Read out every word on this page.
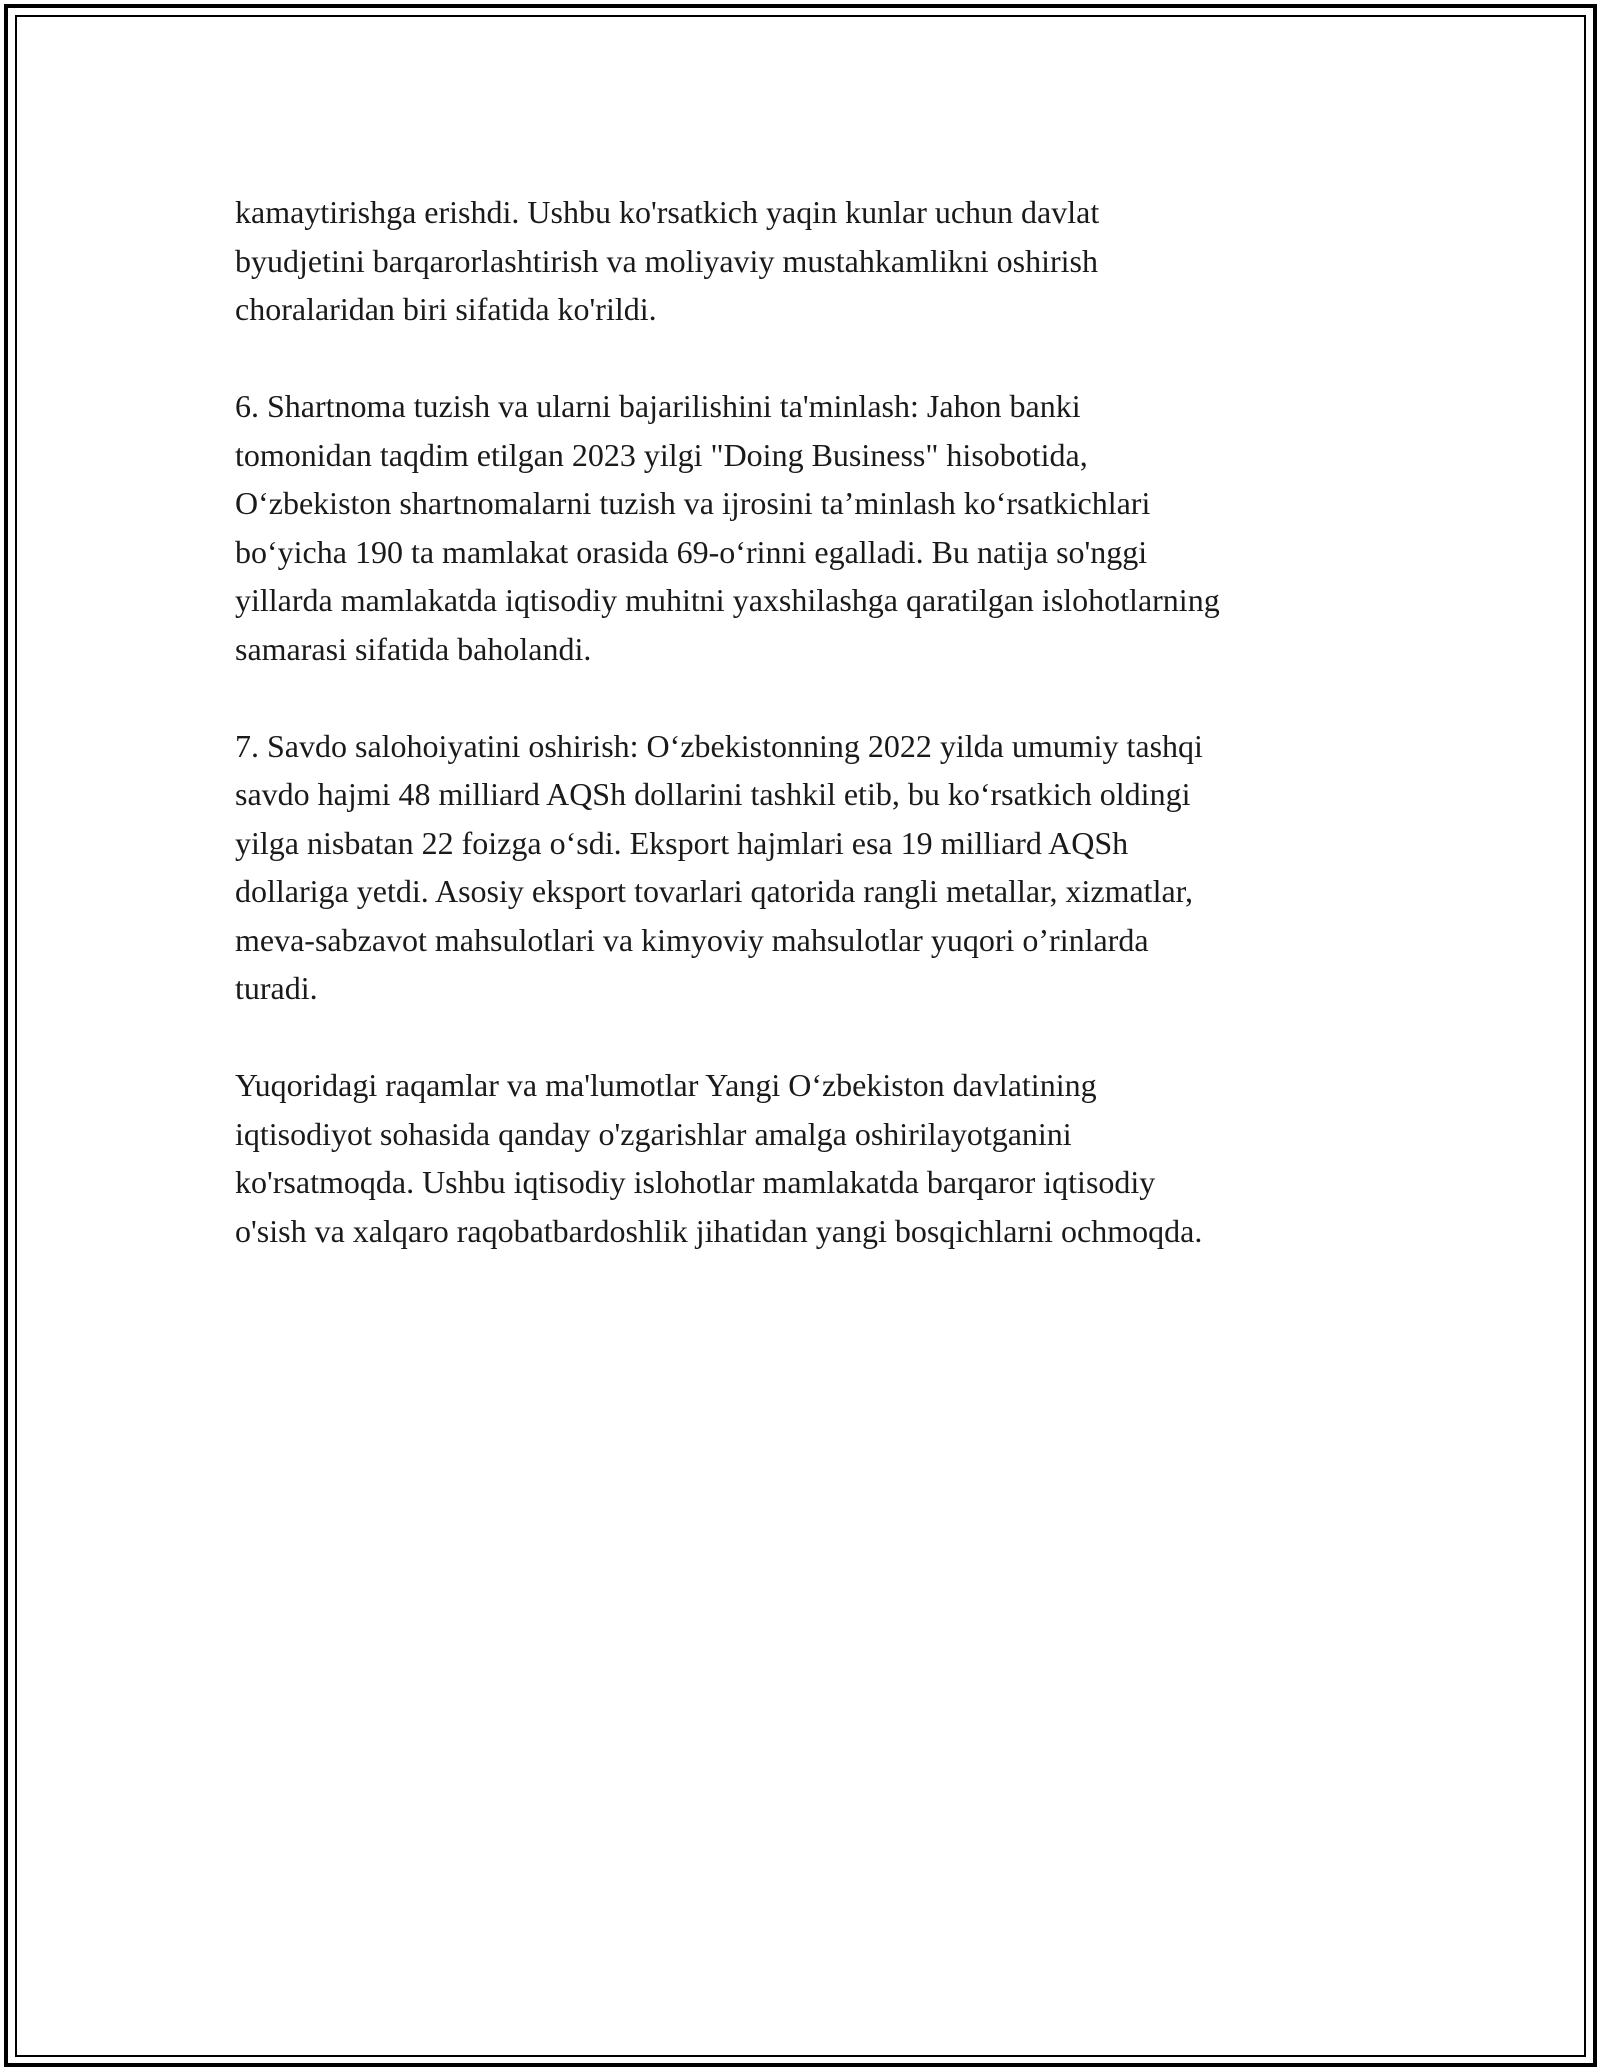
kamaytirishga erishdi. Ushbu ko'rsatkich yaqin kunlar uchun davlat
byudjetini barqarorlashtirish va moliyaviy mustahkamlikni oshirish
choralaridan biri sifatida ko'rildi.

6. Shartnoma tuzish va ularni bajarilishini ta'minlash: Jahon banki
tomonidan taqdim etilgan 2023 yilgi "Doing Business" hisobotida,
O‘zbekiston shartnomalarni tuzish va ijrosini ta’minlash ko‘rsatkichlari
bo‘yicha 190 ta mamlakat orasida 69-o‘rinni egalladi. Bu natija so'nggi
yillarda mamlakatda iqtisodiy muhitni yaxshilashga qaratilgan islohotlarning
samarasi sifatida baholandi.

7. Savdo salohoiyatini oshirish: O‘zbekistonning 2022 yilda umumiy tashqi
savdo hajmi 48 milliard AQSh dollarini tashkil etib, bu ko‘rsatkich oldingi
yilga nisbatan 22 foizga o‘sdi. Eksport hajmlari esa 19 milliard AQSh
dollariga yetdi. Asosiy eksport tovarlari qatorida rangli metallar, xizmatlar,
meva-sabzavot mahsulotlari va kimyoviy mahsulotlar yuqori o’rinlarda
turadi.

Yuqoridagi raqamlar va ma'lumotlar Yangi O‘zbekiston davlatining
iqtisodiyot sohasida qanday o'zgarishlar amalga oshirilayotganini
ko'rsatmoqda. Ushbu iqtisodiy islohotlar mamlakatda barqaror iqtisodiy
o'sish va xalqaro raqobatbardoshlik jihatidan yangi bosqichlarni ochmoqda.
